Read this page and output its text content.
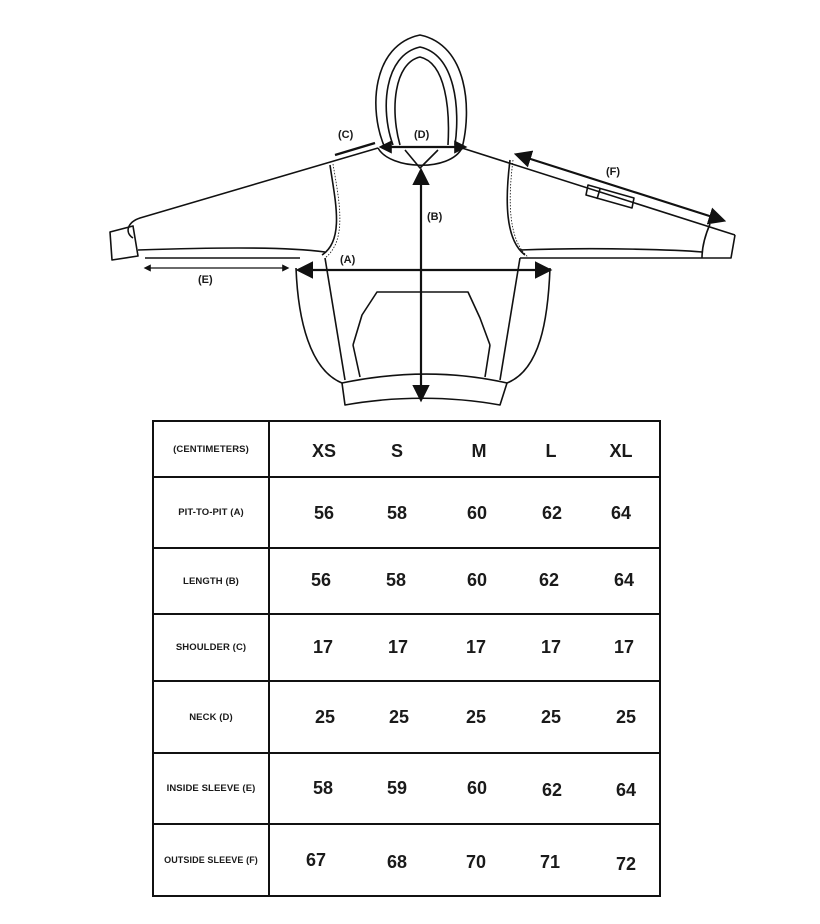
(C)	(D)
(B)
(A)
(E)
(F)
(CENTIMETERS)	XS S M L XL

PIT-TO-PIT (A)	56 58 60 62 64

LENGTH (B)	56 58 60 62 64

SHOULDER (C)	17 17 17 17 17

NECK (D)	25 25 25 25 25

INSIDE SLEEVE (E)	58 59 60 62 64

OUTSIDE SLEEVE (F)	67 68 70 71 72
